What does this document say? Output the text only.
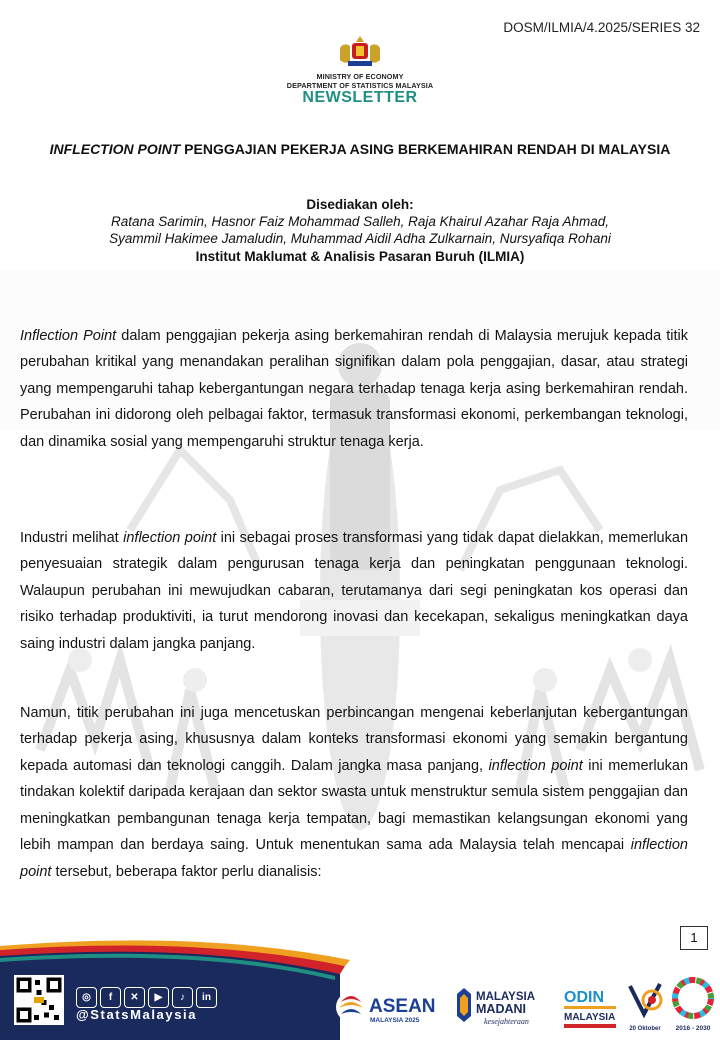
DOSM/ILMIA/4.2025/SERIES 32
MINISTRY OF ECONOMY
DEPARTMENT OF STATISTICS MALAYSIA
NEWSLETTER
INFLECTION POINT PENGGAJIAN PEKERJA ASING BERKEMAHIRAN RENDAH DI MALAYSIA
Disediakan oleh:
Ratana Sarimin, Hasnor Faiz Mohammad Salleh, Raja Khairul Azahar Raja Ahmad,
Syammil Hakimee Jamaludin, Muhammad Aidil Adha Zulkarnain, Nursyafiqa Rohani
Institut Maklumat & Analisis Pasaran Buruh (ILMIA)

Inflection Point dalam penggajian pekerja asing berkemahiran rendah di Malaysia merujuk kepada titik perubahan kritikal yang menandakan peralihan signifikan dalam pola penggajian, dasar, atau strategi yang mempengaruhi tahap kebergantungan negara terhadap tenaga kerja asing berkemahiran rendah. Perubahan ini didorong oleh pelbagai faktor, termasuk transformasi ekonomi, perkembangan teknologi, dan dinamika sosial yang mempengaruhi struktur tenaga kerja.

Industri melihat inflection point ini sebagai proses transformasi yang tidak dapat dielakkan, memerlukan penyesuaian strategik dalam pengurusan tenaga kerja dan peningkatan penggunaan teknologi. Walaupun perubahan ini mewujudkan cabaran, terutamanya dari segi peningkatan kos operasi dan risiko terhadap produktiviti, ia turut mendorong inovasi dan kecekapan, sekaligus meningkatkan daya saing industri dalam jangka panjang.

Namun, titik perubahan ini juga mencetuskan perbincangan mengenai keberlanjutan kebergantungan terhadap pekerja asing, khususnya dalam konteks transformasi ekonomi yang semakin bergantung kepada automasi dan teknologi canggih. Dalam jangka masa panjang, inflection point ini memerlukan tindakan kolektif daripada kerajaan dan sektor swasta untuk menstruktur semula sistem penggajian dan meningkatkan pembangunan tenaga kerja tempatan, bagi memastikan kelangsungan ekonomi yang lebih mampan dan berdaya saing. Untuk menentukan sama ada Malaysia telah mencapai inflection point tersebut, beberapa faktor perlu dianalisis:

1
◎	f	✕	▶	♪	in
@StatsMalaysia	ASEAN
MALAYSIA 2025
MALAYSIA
MADANI
kesejahteraan
ODIN
MALAYSIA
20 Oktober 2016 - 2030
